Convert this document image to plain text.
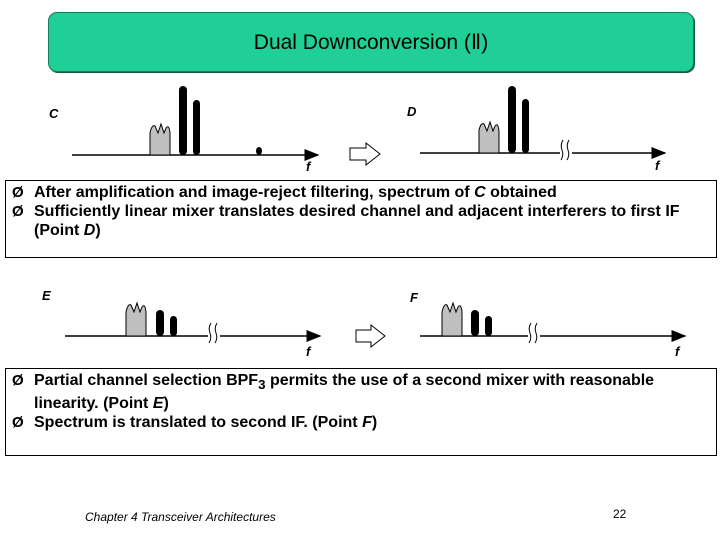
Dual Downconversion (Ⅱ)
C
f
D
f
Ø After amplification and image-reject filtering, spectrum of C obtained
Ø Sufficiently linear mixer translates desired channel and adjacent interferers to first IF (Point D)
E
f
F
f
Ø Partial channel selection $BPF_3$ permits the use of a second mixer with reasonable linearity. (Point E)
Ø Spectrum is translated to second IF. (Point F)
Chapter 4 Transceiver Architectures	22
